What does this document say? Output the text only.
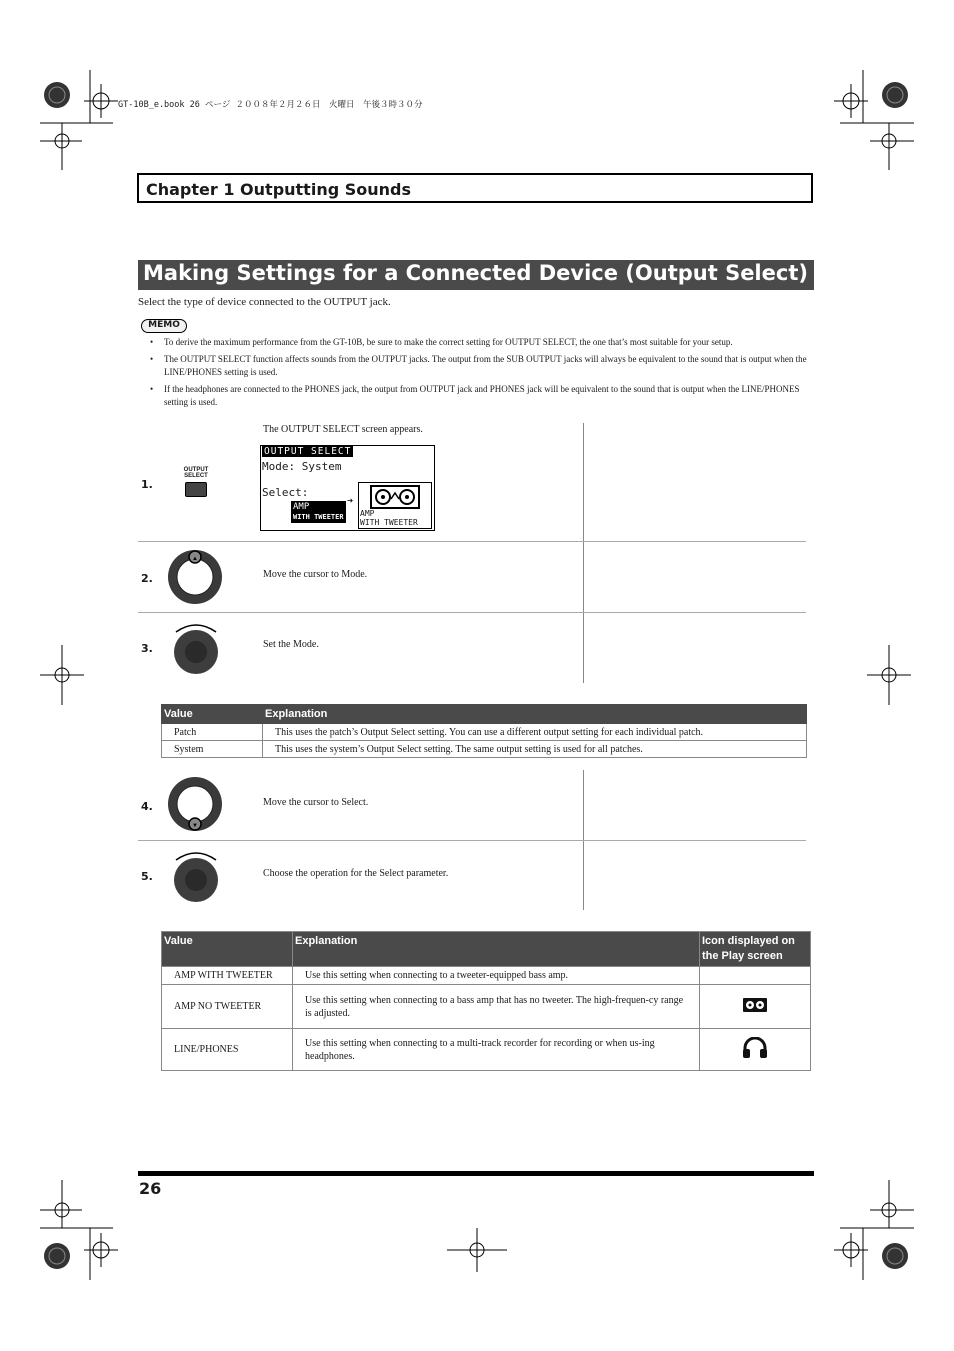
GT-10B_e.book 26 ページ ２００８年２月２６日　火曜日　午後３時３０分
Chapter 1 Outputting Sounds
Making Settings for a Connected Device (Output Select)
Select the type of device connected to the OUTPUT jack.
MEMO
• To derive the maximum performance from the GT-10B, be sure to make the correct setting for OUTPUT SELECT, the one that’s most suitable for your setup.
• The OUTPUT SELECT function affects sounds from the OUTPUT jacks. The output from the SUB OUTPUT jacks will always be equivalent to the sound that is output when the LINE/PHONES setting is used.
• If the headphones are connected to the PHONES jack, the output from OUTPUT jack and PHONES jack will be equivalent to the sound that is output when the LINE/PHONES setting is used.
1.
OUTPUT SELECT
The OUTPUT SELECT screen appears.
OUTPUT SELECT
Mode: System
Select:
AMP
WITH TWEETER
➜
AMP
WITH TWEETER
2.
▲
Move the cursor to Mode.
3.	Set the Mode.
Value	Explanation
Patch	This uses the patch’s Output Select setting. You can use a different output setting for each individual patch.
System	This uses the system’s Output Select setting. The same output setting is used for all patches.
4.
▼
Move the cursor to Select.
5.	Choose the operation for the Select parameter.
Value	Explanation	Icon displayed on the Play screen
AMP WITH TWEETER	Use this setting when connecting to a tweeter-equipped bass amp.	
AMP NO TWEETER	Use this setting when connecting to a bass amp that has no tweeter. The high-frequen-cy range is adjusted.	
LINE/PHONES	Use this setting when connecting to a multi-track recorder for recording or when us-ing headphones.	
26
